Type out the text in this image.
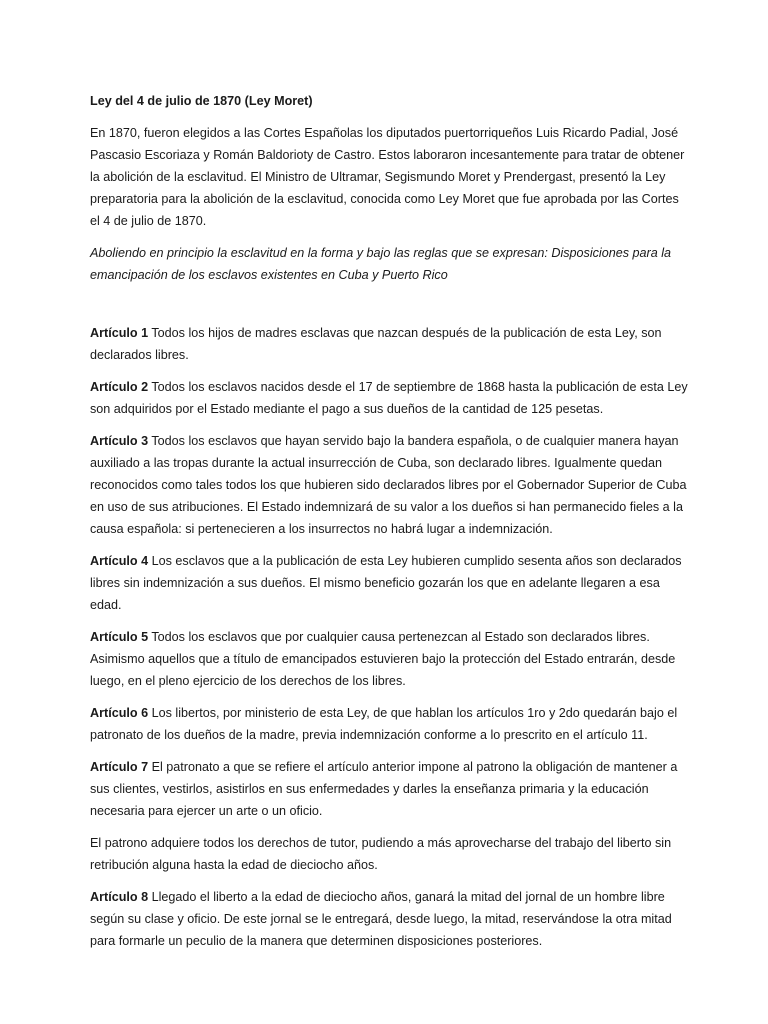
Ley del 4 de julio de 1870 (Ley Moret)

En 1870, fueron elegidos a las Cortes Españolas los diputados puertorriqueños Luis Ricardo Padial, José Pascasio Escoriaza y Román Baldorioty de Castro. Estos laboraron incesantemente para tratar de obtener la abolición de la esclavitud. El Ministro de Ultramar, Segismundo Moret y Prendergast, presentó la Ley preparatoria para la abolición de la esclavitud, conocida como Ley Moret que fue aprobada por las Cortes el 4 de julio de 1870.

Aboliendo en principio la esclavitud en la forma y bajo las reglas que se expresan: Disposiciones para la emancipación de los esclavos existentes en Cuba y Puerto Rico

Artículo 1 Todos los hijos de madres esclavas que nazcan después de la publicación de esta Ley, son declarados libres.

Artículo 2 Todos los esclavos nacidos desde el 17 de septiembre de 1868 hasta la publicación de esta Ley son adquiridos por el Estado mediante el pago a sus dueños de la cantidad de 125 pesetas.

Artículo 3 Todos los esclavos que hayan servido bajo la bandera española, o de cualquier manera hayan auxiliado a las tropas durante la actual insurrección de Cuba, son declarado libres. Igualmente quedan reconocidos como tales todos los que hubieren sido declarados libres por el Gobernador Superior de Cuba en uso de sus atribuciones. El Estado indemnizará de su valor a los dueños si han permanecido fieles a la causa española: si pertenecieren a los insurrectos no habrá lugar a indemnización.

Artículo 4 Los esclavos que a la publicación de esta Ley hubieren cumplido sesenta años son declarados libres sin indemnización a sus dueños. El mismo beneficio gozarán los que en adelante llegaren a esa edad.

Artículo 5 Todos los esclavos que por cualquier causa pertenezcan al Estado son declarados libres. Asimismo aquellos que a título de emancipados estuvieren bajo la protección del Estado entrarán, desde luego, en el pleno ejercicio de los derechos de los libres.

Artículo 6 Los libertos, por ministerio de esta Ley, de que hablan los artículos 1ro y 2do quedarán bajo el patronato de los dueños de la madre, previa indemnización conforme a lo prescrito en el artículo 11.

Artículo 7 El patronato a que se refiere el artículo anterior impone al patrono la obligación de mantener a sus clientes, vestirlos, asistirlos en sus enfermedades y darles la enseñanza primaria y la educación necesaria para ejercer un arte o un oficio.

El patrono adquiere todos los derechos de tutor, pudiendo a más aprovecharse del trabajo del liberto sin retribución alguna hasta la edad de dieciocho años.

Artículo 8 Llegado el liberto a la edad de dieciocho años, ganará la mitad del jornal de un hombre libre según su clase y oficio. De este jornal se le entregará, desde luego, la mitad, reservándose la otra mitad para formarle un peculio de la manera que determinen disposiciones posteriores.
